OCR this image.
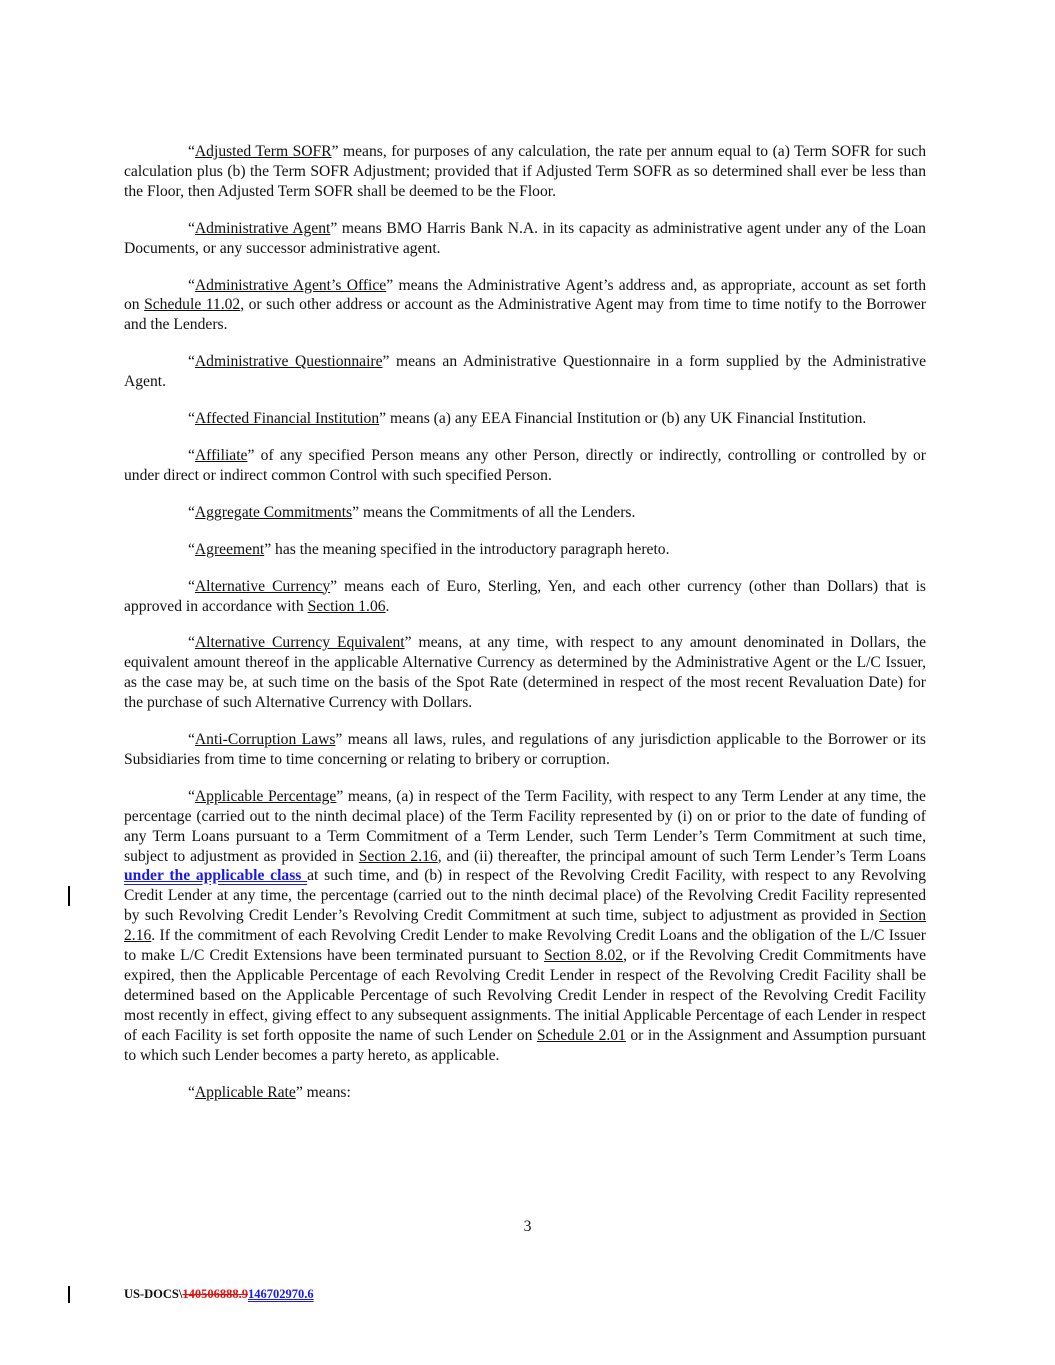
“Adjusted Term SOFR” means, for purposes of any calculation, the rate per annum equal to (a) Term SOFR for such calculation plus (b) the Term SOFR Adjustment; provided that if Adjusted Term SOFR as so determined shall ever be less than the Floor, then Adjusted Term SOFR shall be deemed to be the Floor.

“Administrative Agent” means BMO Harris Bank N.A. in its capacity as administrative agent under any of the Loan Documents, or any successor administrative agent.

“Administrative Agent’s Office” means the Administrative Agent’s address and, as appropriate, account as set forth on Schedule 11.02, or such other address or account as the Administrative Agent may from time to time notify to the Borrower and the Lenders.

“Administrative Questionnaire” means an Administrative Questionnaire in a form supplied by the Administrative Agent.

“Affected Financial Institution” means (a) any EEA Financial Institution or (b) any UK Financial Institution.

“Affiliate” of any specified Person means any other Person, directly or indirectly, controlling or controlled by or under direct or indirect common Control with such specified Person.

“Aggregate Commitments” means the Commitments of all the Lenders.

“Agreement” has the meaning specified in the introductory paragraph hereto.

“Alternative Currency” means each of Euro, Sterling, Yen, and each other currency (other than Dollars) that is approved in accordance with Section 1.06.

“Alternative Currency Equivalent” means, at any time, with respect to any amount denominated in Dollars, the equivalent amount thereof in the applicable Alternative Currency as determined by the Administrative Agent or the L/C Issuer, as the case may be, at such time on the basis of the Spot Rate (determined in respect of the most recent Revaluation Date) for the purchase of such Alternative Currency with Dollars.

“Anti-Corruption Laws” means all laws, rules, and regulations of any jurisdiction applicable to the Borrower or its Subsidiaries from time to time concerning or relating to bribery or corruption.

“Applicable Percentage” means, (a) in respect of the Term Facility, with respect to any Term Lender at any time, the percentage (carried out to the ninth decimal place) of the Term Facility represented by (i) on or prior to the date of funding of any Term Loans pursuant to a Term Commitment of a Term Lender, such Term Lender’s Term Commitment at such time, subject to adjustment as provided in Section 2.16, and (ii) thereafter, the principal amount of such Term Lender’s Term Loans under the applicable class at such time, and (b) in respect of the Revolving Credit Facility, with respect to any Revolving Credit Lender at any time, the percentage (carried out to the ninth decimal place) of the Revolving Credit Facility represented by such Revolving Credit Lender’s Revolving Credit Commitment at such time, subject to adjustment as provided in Section 2.16. If the commitment of each Revolving Credit Lender to make Revolving Credit Loans and the obligation of the L/C Issuer to make L/C Credit Extensions have been terminated pursuant to Section 8.02, or if the Revolving Credit Commitments have expired, then the Applicable Percentage of each Revolving Credit Lender in respect of the Revolving Credit Facility shall be determined based on the Applicable Percentage of such Revolving Credit Lender in respect of the Revolving Credit Facility most recently in effect, giving effect to any subsequent assignments. The initial Applicable Percentage of each Lender in respect of each Facility is set forth opposite the name of such Lender on Schedule 2.01 or in the Assignment and Assumption pursuant to which such Lender becomes a party hereto, as applicable.

“Applicable Rate” means:

3
US-DOCS\140506888.9146702970.6
